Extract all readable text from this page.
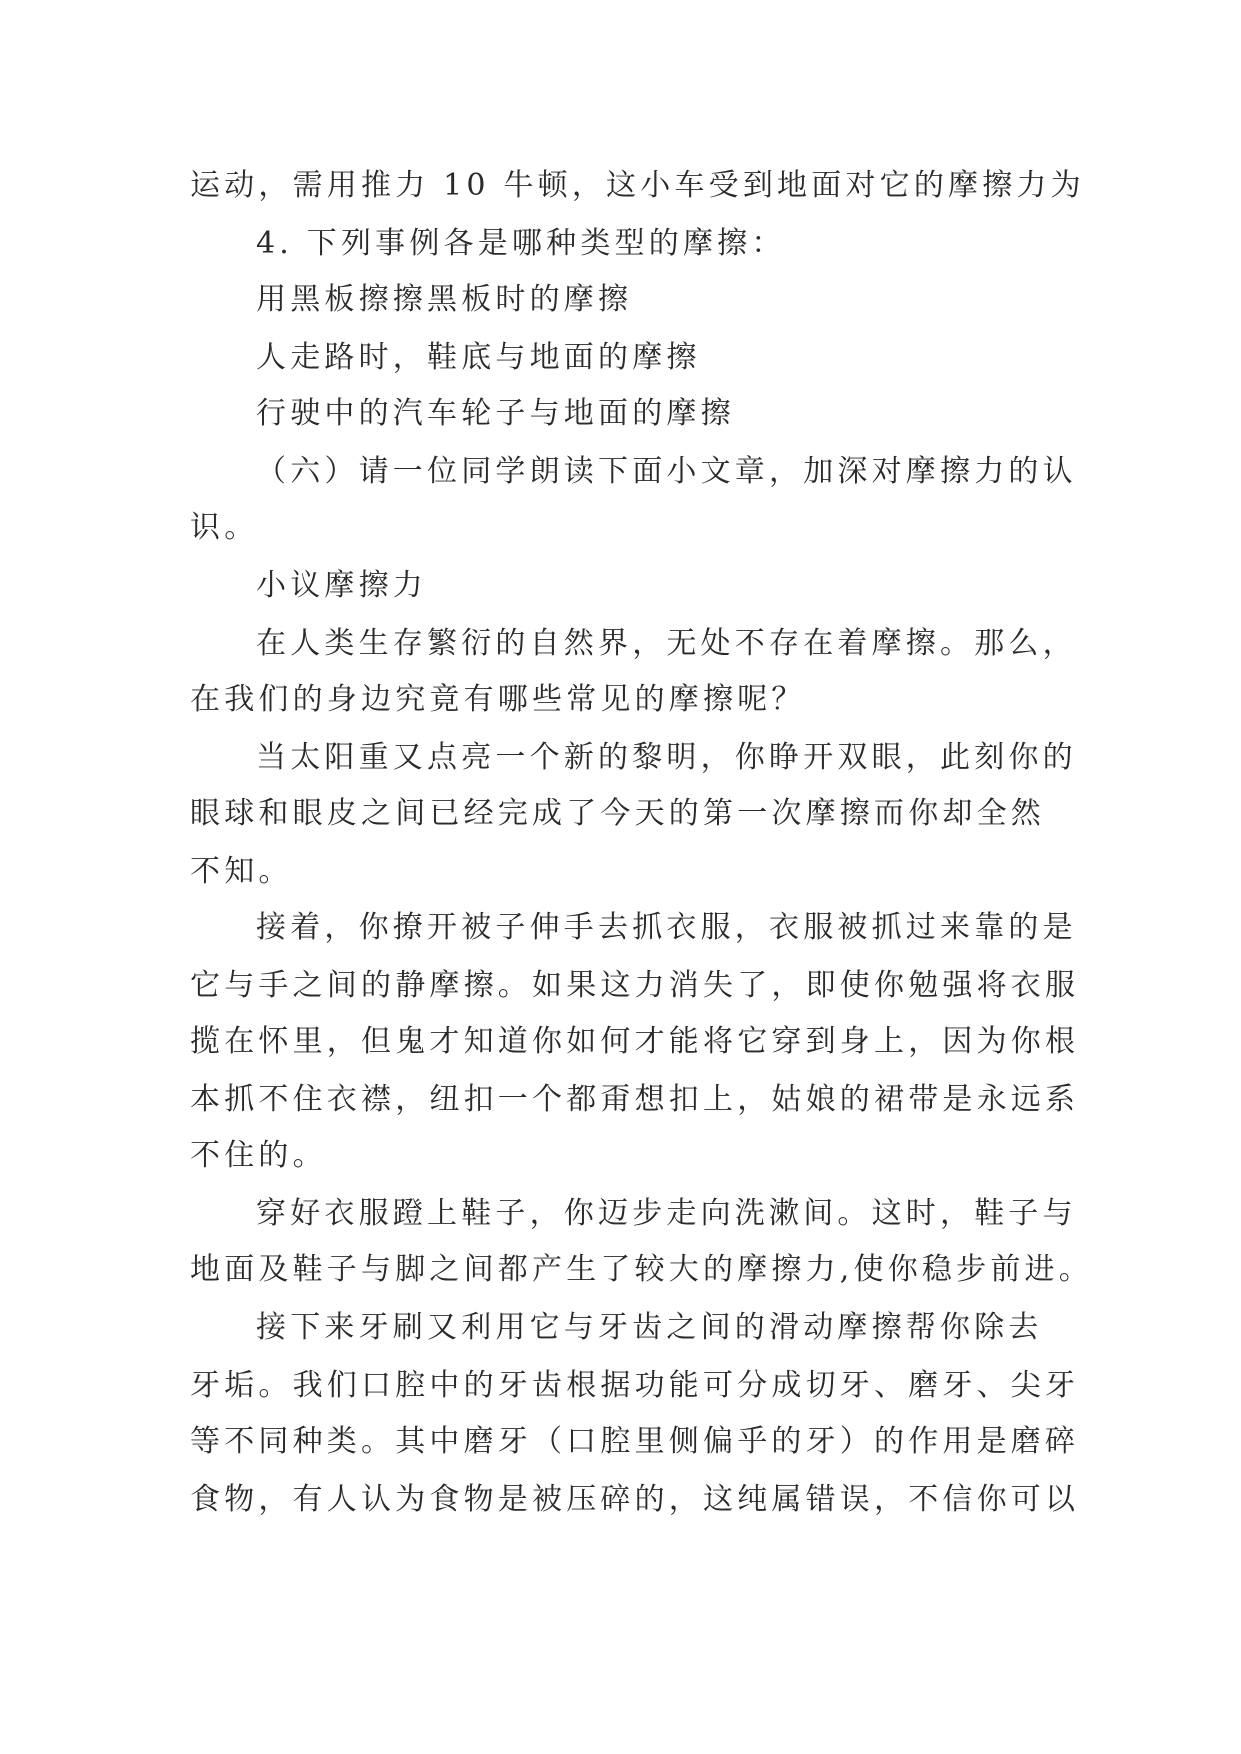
运动，需用推力 10 牛顿，这小车受到地面对它的摩擦力为
4. 下列事例各是哪种类型的摩擦：
用黑板擦擦黑板时的摩擦
人走路时，鞋底与地面的摩擦
行驶中的汽车轮子与地面的摩擦
（六）请一位同学朗读下面小文章，加深对摩擦力的认
识。
小议摩擦力
在人类生存繁衍的自然界，无处不存在着摩擦。那么，
在我们的身边究竟有哪些常见的摩擦呢？
当太阳重又点亮一个新的黎明，你睁开双眼，此刻你的
眼球和眼皮之间已经完成了今天的第一次摩擦而你却全然
不知。
接着，你撩开被子伸手去抓衣服，衣服被抓过来靠的是
它与手之间的静摩擦。如果这力消失了，即使你勉强将衣服
揽在怀里，但鬼才知道你如何才能将它穿到身上，因为你根
本抓不住衣襟，纽扣一个都甭想扣上，姑娘的裙带是永远系
不住的。
穿好衣服蹬上鞋子，你迈步走向洗漱间。这时，鞋子与
地面及鞋子与脚之间都产生了较大的摩擦力,使你稳步前进。
接下来牙刷又利用它与牙齿之间的滑动摩擦帮你除去
牙垢。我们口腔中的牙齿根据功能可分成切牙、磨牙、尖牙
等不同种类。其中磨牙（口腔里侧偏乎的牙）的作用是磨碎
食物，有人认为食物是被压碎的，这纯属错误，不信你可以
